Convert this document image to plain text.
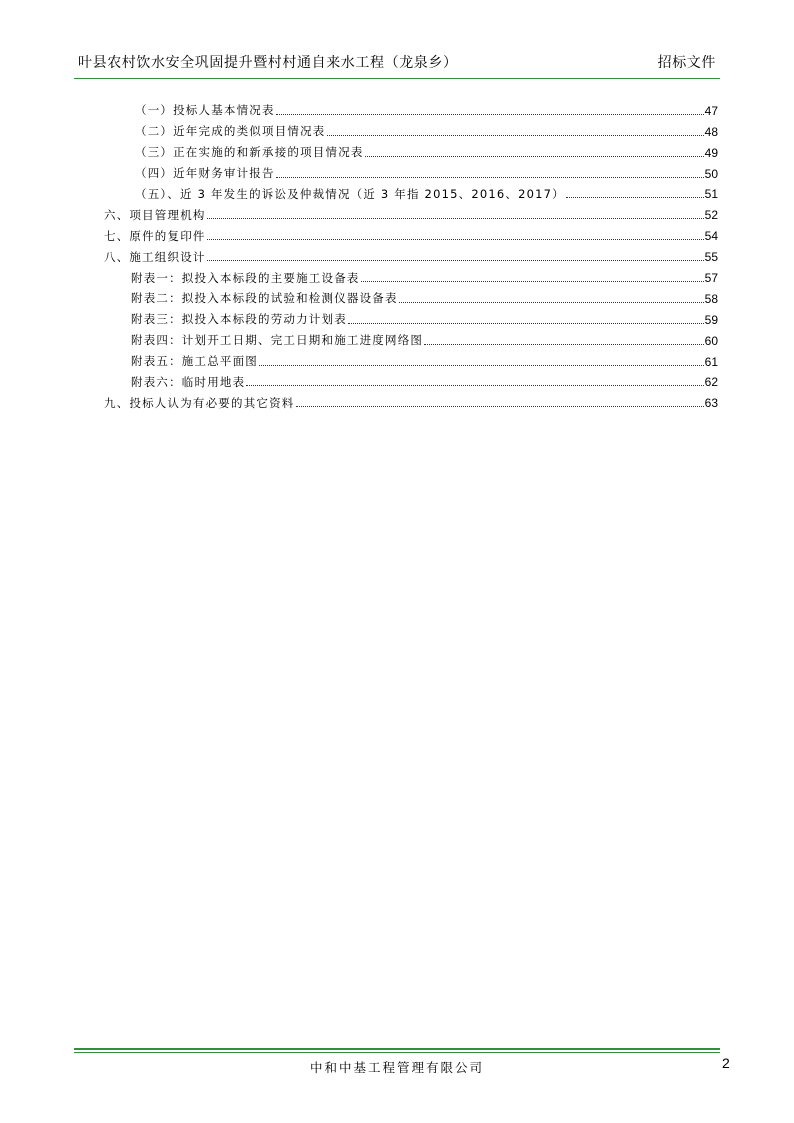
叶县农村饮水安全巩固提升暨村村通自来水工程（龙泉乡）	招标文件
（一）投标人基本情况表	47
（二）近年完成的类似项目情况表	48
（三）正在实施的和新承接的项目情况表	49
（四）近年财务审计报告	50
（五）、近 3 年发生的诉讼及仲裁情况（近 3 年指 2015、2016、2017）	51
六、项目管理机构	52
七、原件的复印件	54
八、施工组织设计	55
附表一：拟投入本标段的主要施工设备表	57
附表二：拟投入本标段的试验和检测仪器设备表	58
附表三：拟投入本标段的劳动力计划表	59
附表四：计划开工日期、完工日期和施工进度网络图	60
附表五：施工总平面图	61
附表六：临时用地表	62
九、投标人认为有必要的其它资料	63
中和中基工程管理有限公司	2
